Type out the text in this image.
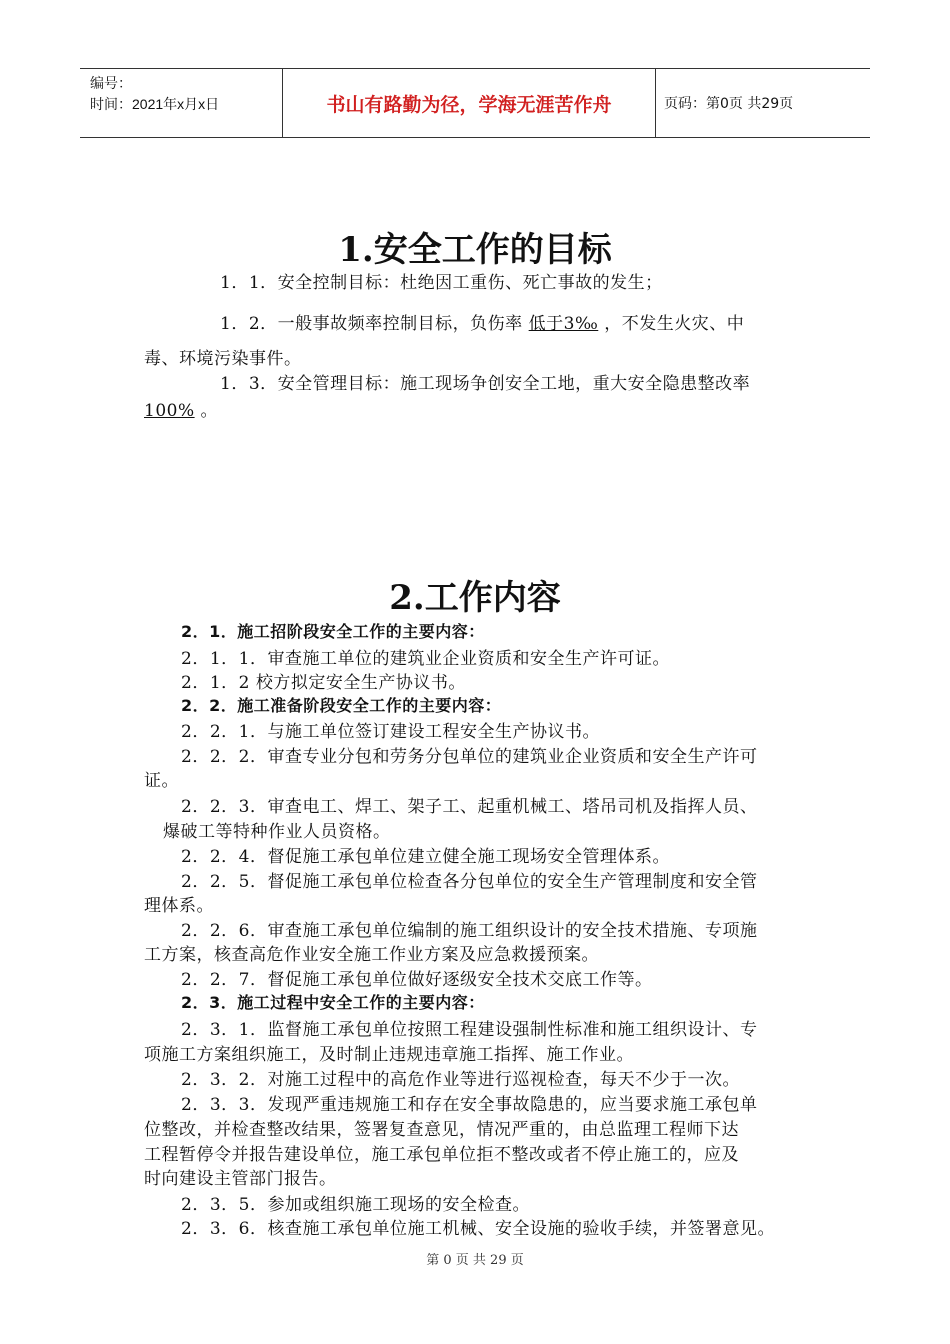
编号：
时间：2021年x月x日	书山有路勤为径，学海无涯苦作舟	页码：第0页 共29页
1.安全工作的目标
1．1．安全控制目标：杜绝因工重伤、死亡事故的发生；
1．2．一般事故频率控制目标，负伤率 低于3‰ ，不发生火灾、中
毒、环境污染事件。
1．3．安全管理目标：施工现场争创安全工地，重大安全隐患整改率
100% 。
2.工作内容
2．1．施工招阶段安全工作的主要内容：
2．1．1．审查施工单位的建筑业企业资质和安全生产许可证。
2．1．2 校方拟定安全生产协议书。
2．2．施工准备阶段安全工作的主要内容：
2．2．1．与施工单位签订建设工程安全生产协议书。
2．2．2．审查专业分包和劳务分包单位的建筑业企业资质和安全生产许可
证。
2．2．3．审查电工、焊工、架子工、起重机械工、塔吊司机及指挥人员、
爆破工等特种作业人员资格。
2．2．4．督促施工承包单位建立健全施工现场安全管理体系。
2．2．5．督促施工承包单位检查各分包单位的安全生产管理制度和安全管
理体系。
2．2．6．审查施工承包单位编制的施工组织设计的安全技术措施、专项施
工方案，核查高危作业安全施工作业方案及应急救援预案。
2．2．7．督促施工承包单位做好逐级安全技术交底工作等。
2．3．施工过程中安全工作的主要内容：
2．3．1．监督施工承包单位按照工程建设强制性标准和施工组织设计、专
项施工方案组织施工，及时制止违规违章施工指挥、施工作业。
2．3．2．对施工过程中的高危作业等进行巡视检查，每天不少于一次。
2．3．3．发现严重违规施工和存在安全事故隐患的，应当要求施工承包单
位整改，并检查整改结果，签署复查意见，情况严重的，由总监理工程师下达
工程暂停令并报告建设单位，施工承包单位拒不整改或者不停止施工的，应及
时向建设主管部门报告。
2．3．5．参加或组织施工现场的安全检查。
2．3．6．核查施工承包单位施工机械、安全设施的验收手续，并签署意见。
第 0 页 共 29 页
